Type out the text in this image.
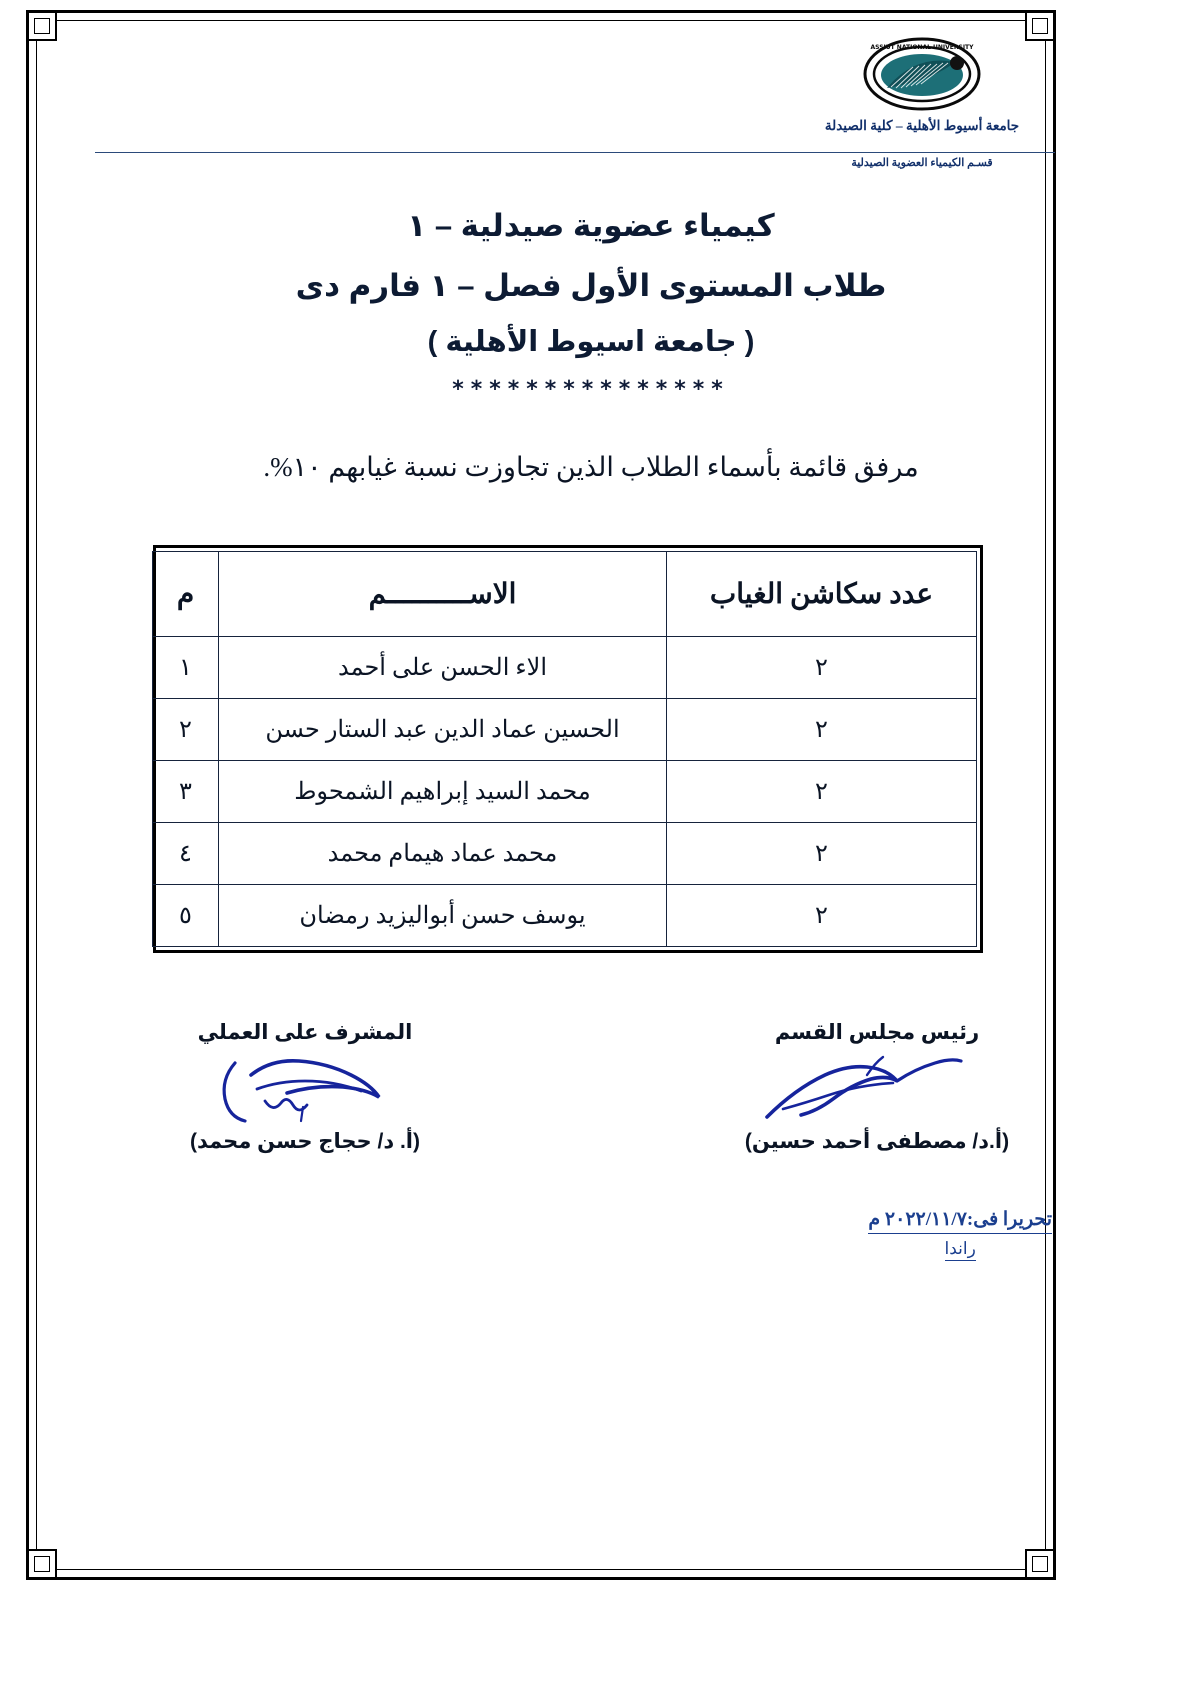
ASSIUT NATIONAL UNIVERSITY
جامعة أسيوط الأهلية – كلية الصيدلة
قسـم الكيمياء العضوية الصيدلية
كيمياء عضوية صيدلية – ١
طلاب المستوى الأول فصل – ١ فارم دى
( جامعة اسيوط الأهلية )
***************
مرفق قائمة بأسماء الطلاب الذين تجاوزت نسبة غيابهم ١٠%.
عدد سكاشن الغياب	الاســــــــــم	م
٢	الاء الحسن على أحمد	١
٢	الحسين عماد الدين عبد الستار حسن	٢
٢	محمد السيد إبراهيم الشمحوط	٣
٢	محمد عماد هيمام محمد	٤
٢	يوسف حسن أبواليزيد رمضان	٥
رئيس مجلس القسم
(أ.د/ مصطفى أحمد حسين)
المشرف على العملي
(أ. د/ حجاج حسن محمد)
تحريرا فى:٢٠٢٢/١١/٧ م
راندا
